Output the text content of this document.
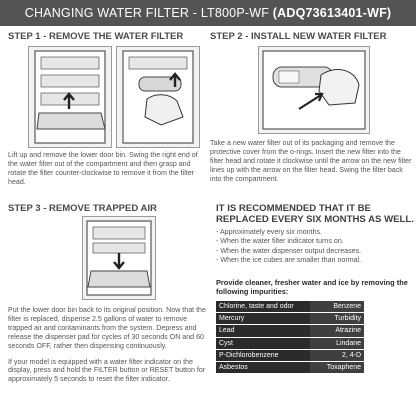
CHANGING WATER FILTER - LT800P-WF (ADQ73613401-WF)
STEP 1 - REMOVE THE WATER FILTER
Lift up and remove the lower door bin. Swing the right end of the water filter out of the compartment and then grasp and rotate the filter counter-clockwise to remove it from the filter head.
STEP 2 - INSTALL NEW WATER FILTER
Take a new water filter out of its packaging and remove the protective cover from the o-rings. Insert the new filter into the filter head and rotate it clockwise until the arrow on the new filter lines up with the arrow on the filter head. Swing the filter back into the compartment.
STEP 3 - REMOVE TRAPPED AIR

Put the lower door bin back to its original position. Now that the filter is replaced, dispense 2.5 gallons of water to remove trapped air and contaminants from the system. Depress and release the dispenser pad for cycles of 30 seconds ON and 60 seconds OFF, rather then dispensing continuously.

If your model is equipped with a water filter indicator on the display, press and hold the FILTER button or RESET button for approximately 5 seconds to reset the filter indicator.

IT IS RECOMMENDED THAT IT BE REPLACED EVERY SIX MONTHS AS WELL.
- Approximately every six months.
- When the water filter indicator turns on.
- When the water dispenser output decreases.
- When the ice cubes are smaller than normal.
Provide cleaner, fresher water and ice by removing the following impurities:
Chlorine, taste and odor	Benzene
Mercury	Turbidity
Lead	Atrazine
Cyst	Lindane
P-Dichlorobenzene	2, 4-D
Asbestos	Toxaphene
